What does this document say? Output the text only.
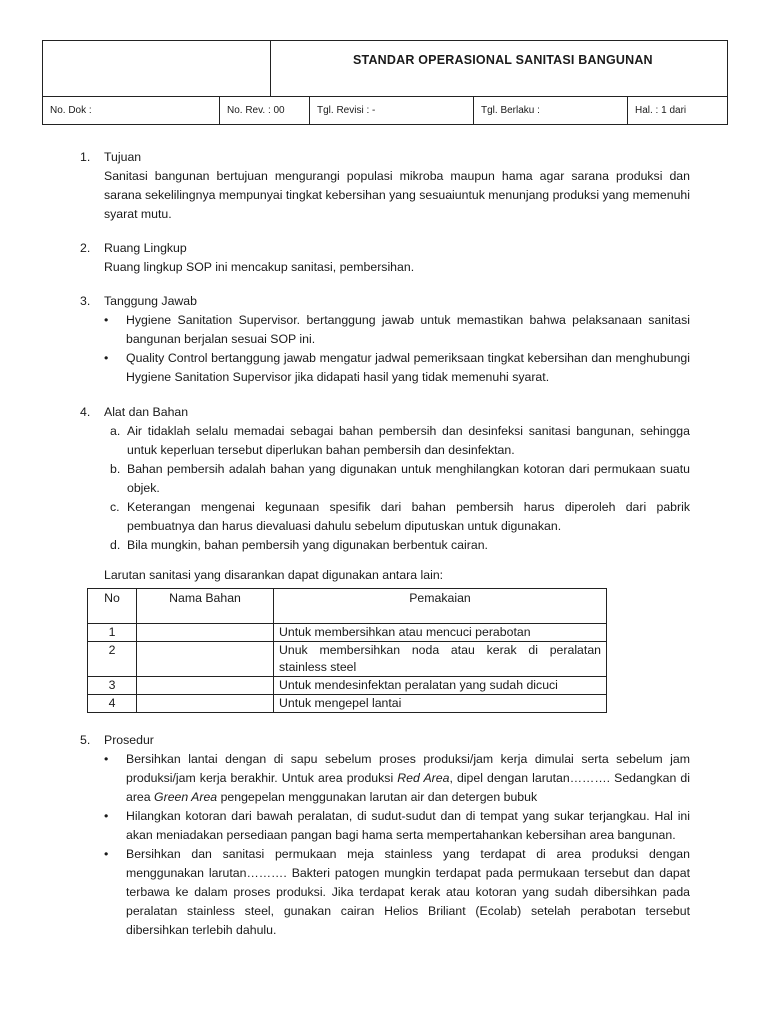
STANDAR OPERASIONAL SANITASI BANGUNAN
No. Dok :	No. Rev. : 00	Tgl. Revisi : -	Tgl. Berlaku :	Hal. : 1 dari
1.	Tujuan
Sanitasi bangunan bertujuan mengurangi populasi mikroba maupun hama agar sarana produksi dan sarana sekelilingnya mempunyai tingkat kebersihan yang sesuaiuntuk menunjang produksi yang memenuhi syarat mutu.
2.	Ruang Lingkup
Ruang lingkup SOP ini mencakup sanitasi, pembersihan.
3.	Tanggung Jawab
• Hygiene Sanitation Supervisor. bertanggung jawab untuk memastikan bahwa pelaksanaan sanitasi bangunan berjalan sesuai SOP ini.
• Quality Control bertanggung jawab mengatur jadwal pemeriksaan tingkat kebersihan dan menghubungi Hygiene Sanitation Supervisor jika didapati hasil yang tidak memenuhi syarat.
4.	Alat dan Bahan
a. Air tidaklah selalu memadai sebagai bahan pembersih dan desinfeksi sanitasi bangunan, sehingga untuk keperluan tersebut diperlukan bahan pembersih dan desinfektan.
b. Bahan pembersih adalah bahan yang digunakan untuk menghilangkan kotoran dari permukaan suatu objek.
c. Keterangan mengenai kegunaan spesifik dari bahan pembersih harus diperoleh dari pabrik pembuatnya dan harus dievaluasi dahulu sebelum diputuskan untuk digunakan.
d. Bila mungkin, bahan pembersih yang digunakan berbentuk cairan.
Larutan sanitasi yang disarankan dapat digunakan antara lain:
No	Nama Bahan	Pemakaian
1		Untuk membersihkan atau mencuci perabotan
2		Unuk membersihkan noda atau kerak di peralatan stainless steel
3		Untuk mendesinfektan peralatan yang sudah dicuci
4		Untuk mengepel lantai
5.	Prosedur
• Bersihkan lantai dengan di sapu sebelum proses produksi/jam kerja dimulai serta sebelum jam produksi/jam kerja berakhir. Untuk area produksi Red Area, dipel dengan larutan………. Sedangkan di area Green Area pengepelan menggunakan larutan air dan detergen bubuk
• Hilangkan kotoran dari bawah peralatan, di sudut-sudut dan di tempat yang sukar terjangkau. Hal ini akan meniadakan persediaan pangan bagi hama serta mempertahankan kebersihan area bangunan.
• Bersihkan dan sanitasi permukaan meja stainless yang terdapat di area produksi dengan menggunakan larutan………. Bakteri patogen mungkin terdapat pada permukaan tersebut dan dapat terbawa ke dalam proses produksi. Jika terdapat kerak atau kotoran yang sudah dibersihkan pada peralatan stainless steel, gunakan cairan Helios Briliant (Ecolab) setelah perabotan tersebut dibersihkan terlebih dahulu.
